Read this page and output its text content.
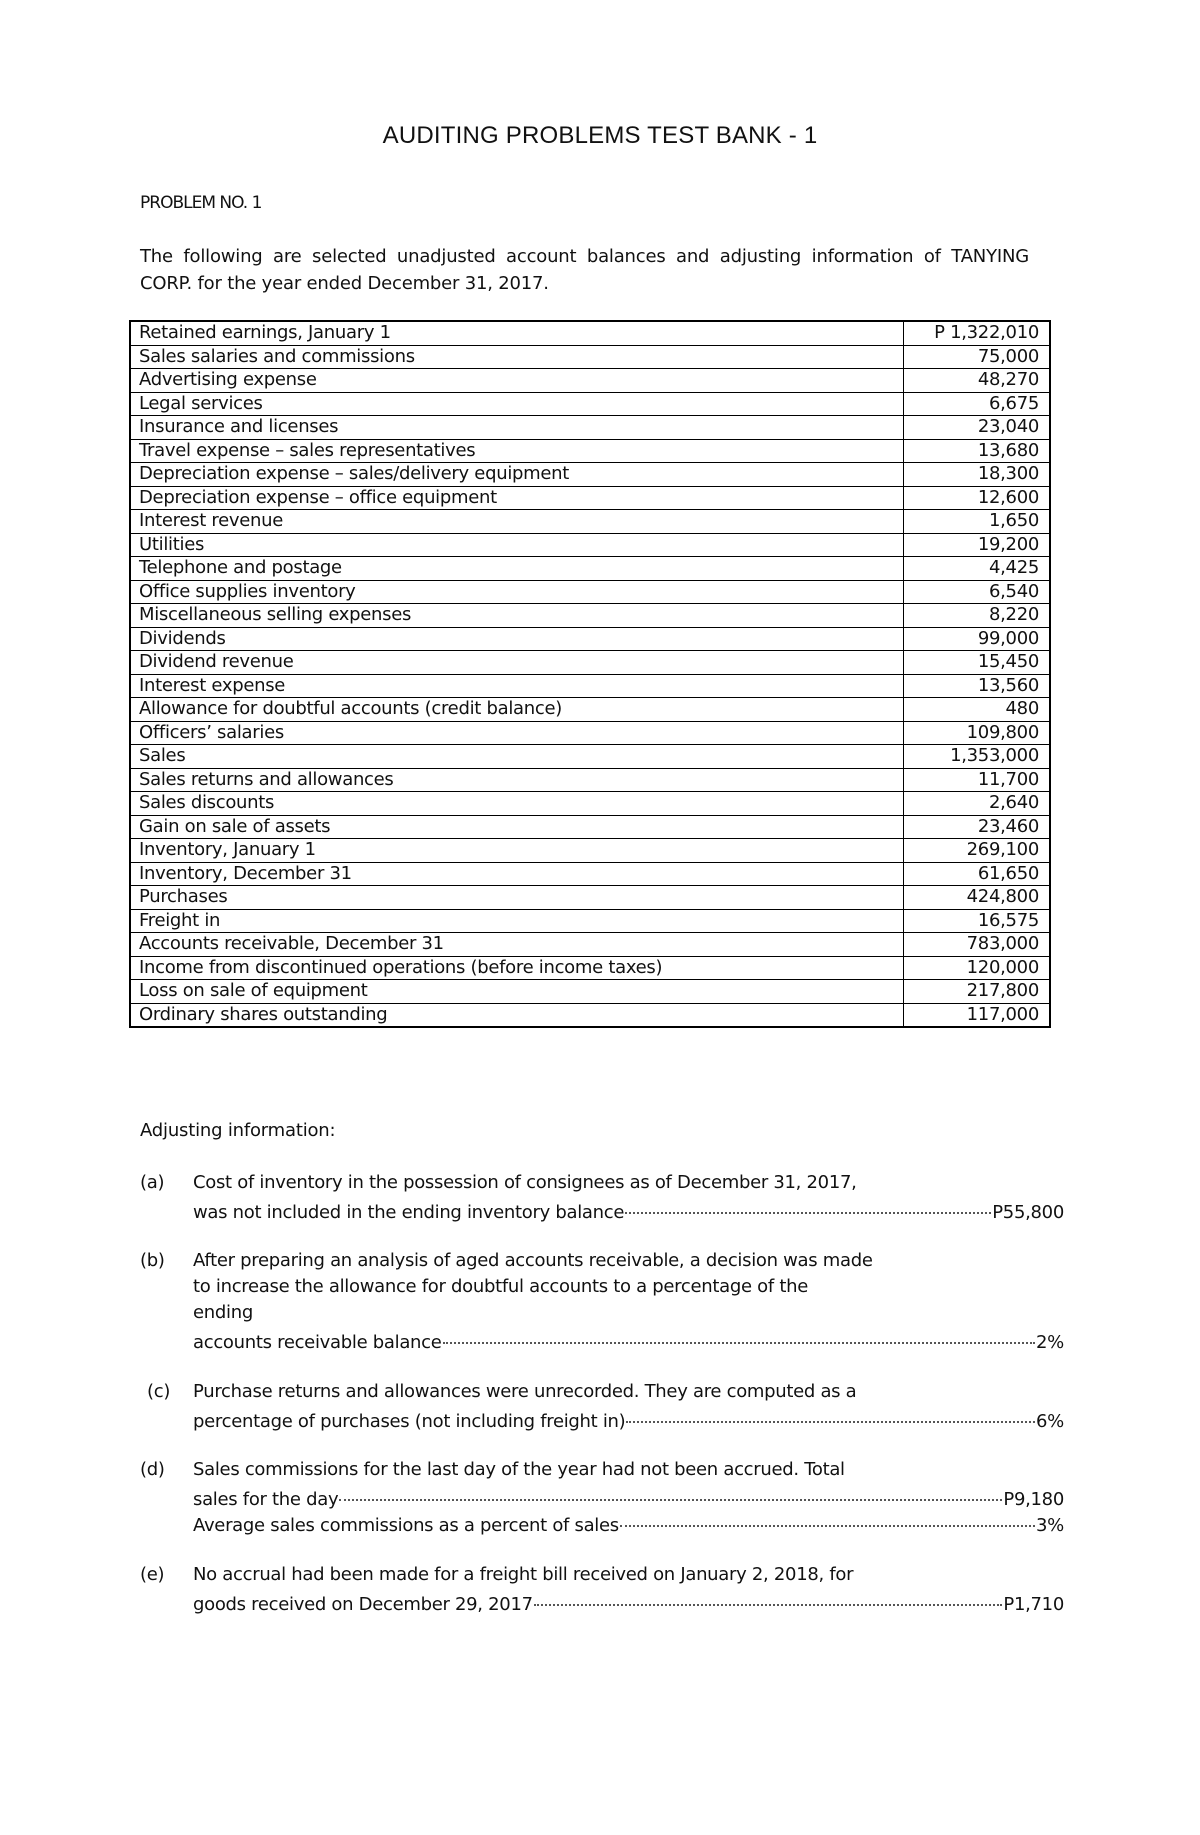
AUDITING PROBLEMS TEST BANK - 1
PROBLEM NO. 1
The following are selected unadjusted account balances and adjusting information of TANYING CORP. for the year ended December 31, 2017.
Retained earnings, January 1	P 1,322,010
Sales salaries and commissions	75,000
Advertising expense	48,270
Legal services	6,675
Insurance and licenses	23,040
Travel expense – sales representatives	13,680
Depreciation expense – sales/delivery equipment	18,300
Depreciation expense – office equipment	12,600
Interest revenue	1,650
Utilities	19,200
Telephone and postage	4,425
Office supplies inventory	6,540
Miscellaneous selling expenses	8,220
Dividends	99,000
Dividend revenue	15,450
Interest expense	13,560
Allowance for doubtful accounts (credit balance)	480
Officers’ salaries	109,800
Sales	1,353,000
Sales returns and allowances	11,700
Sales discounts	2,640
Gain on sale of assets	23,460
Inventory, January 1	269,100
Inventory, December 31	61,650
Purchases	424,800
Freight in	16,575
Accounts receivable, December 31	783,000
Income from discontinued operations (before income taxes)	120,000
Loss on sale of equipment	217,800
Ordinary shares outstanding	117,000
Adjusting information:
(a)	Cost of inventory in the possession of consignees as of December 31, 2017,
was not included in the ending inventory balance	P55,800
(b)	After preparing an analysis of aged accounts receivable, a decision was made
to increase the allowance for doubtful accounts to a percentage of the
ending
accounts receivable balance	2%
(c)	Purchase returns and allowances were unrecorded. They are computed as a
percentage of purchases (not including freight in)	6%
(d)	Sales commissions for the last day of the year had not been accrued. Total
sales for the day	P9,180
Average sales commissions as a percent of sales	3%
(e)	No accrual had been made for a freight bill received on January 2, 2018, for
goods received on December 29, 2017	P1,710
